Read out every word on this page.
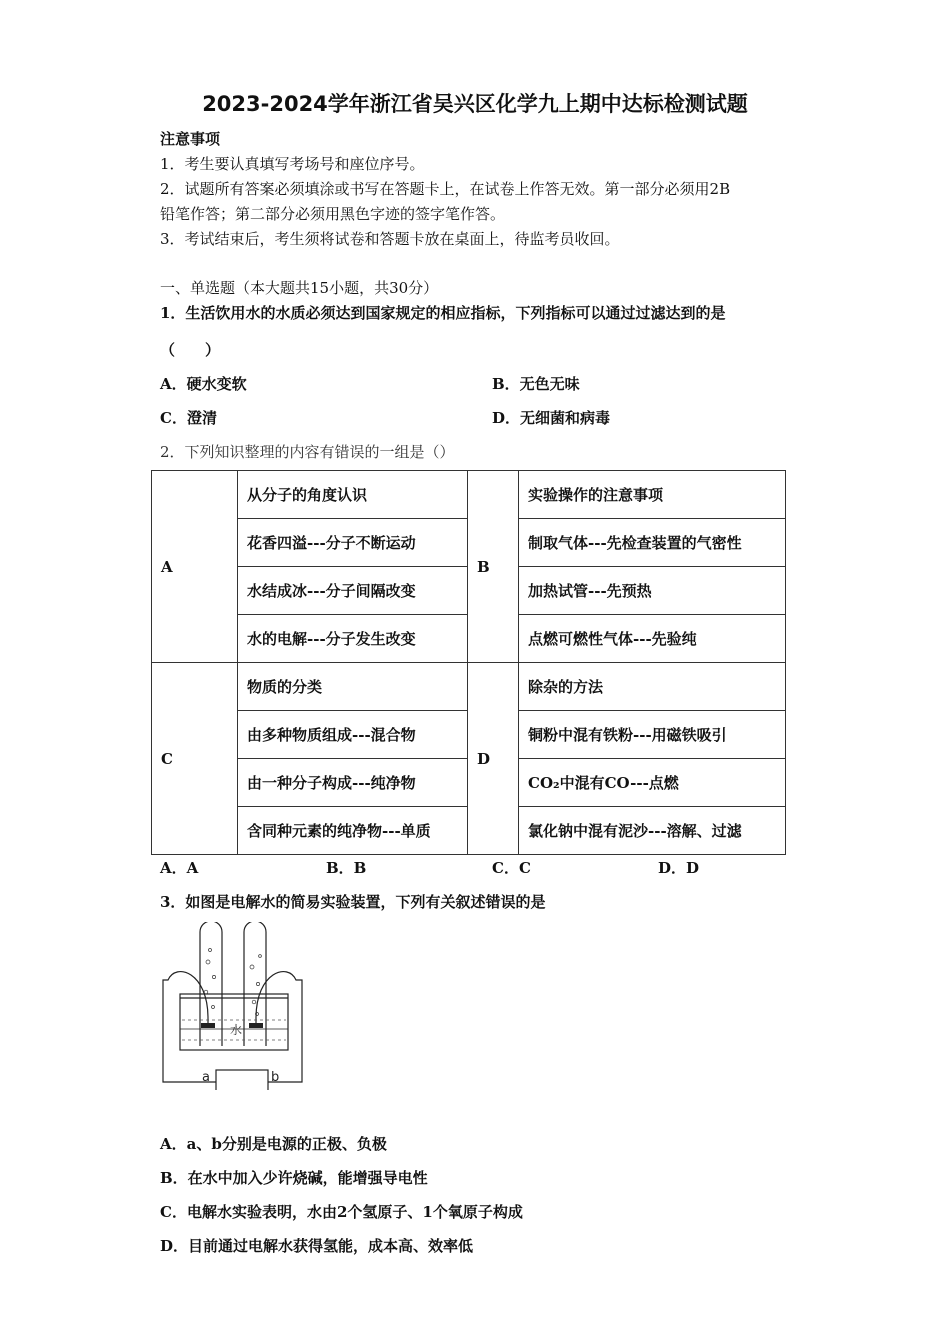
2023-2024学年浙江省吴兴区化学九上期中达标检测试题
注意事项
1．考生要认真填写考场号和座位序号。
2．试题所有答案必须填涂或书写在答题卡上，在试卷上作答无效。第一部分必须用2B
铅笔作答；第二部分必须用黑色字迹的签字笔作答。
3．考试结束后，考生须将试卷和答题卡放在桌面上，待监考员收回。
一、单选题（本大题共15小题，共30分）
1．生活饮用水的水质必须达到国家规定的相应指标，下列指标可以通过过滤达到的是
（　　）
A．硬水变软	B．无色无味
C．澄清	D．无细菌和病毒
2．下列知识整理的内容有错误的一组是（）
A	从分子的角度认识	B	实验操作的注意事项
	花香四溢---分子不断运动		制取气体---先检查装置的气密性
	水结成冰---分子间隔改变		加热试管---先预热
	水的电解---分子发生改变		点燃可燃性气体---先验纯
C	物质的分类	D	除杂的方法
	由多种物质组成---混合物		铜粉中混有铁粉---用磁铁吸引
	由一种分子构成---纯净物		CO₂中混有CO---点燃
	含同种元素的纯净物---单质		氯化钠中混有泥沙---溶解、过滤
A．A	B．B	C．C	D．D
3．如图是电解水的简易实验装置，下列有关叙述错误的是
水
a	b
A．a、b分别是电源的正极、负极
B．在水中加入少许烧碱，能增强导电性
C．电解水实验表明，水由2个氢原子、1个氧原子构成
D．目前通过电解水获得氢能，成本高、效率低
